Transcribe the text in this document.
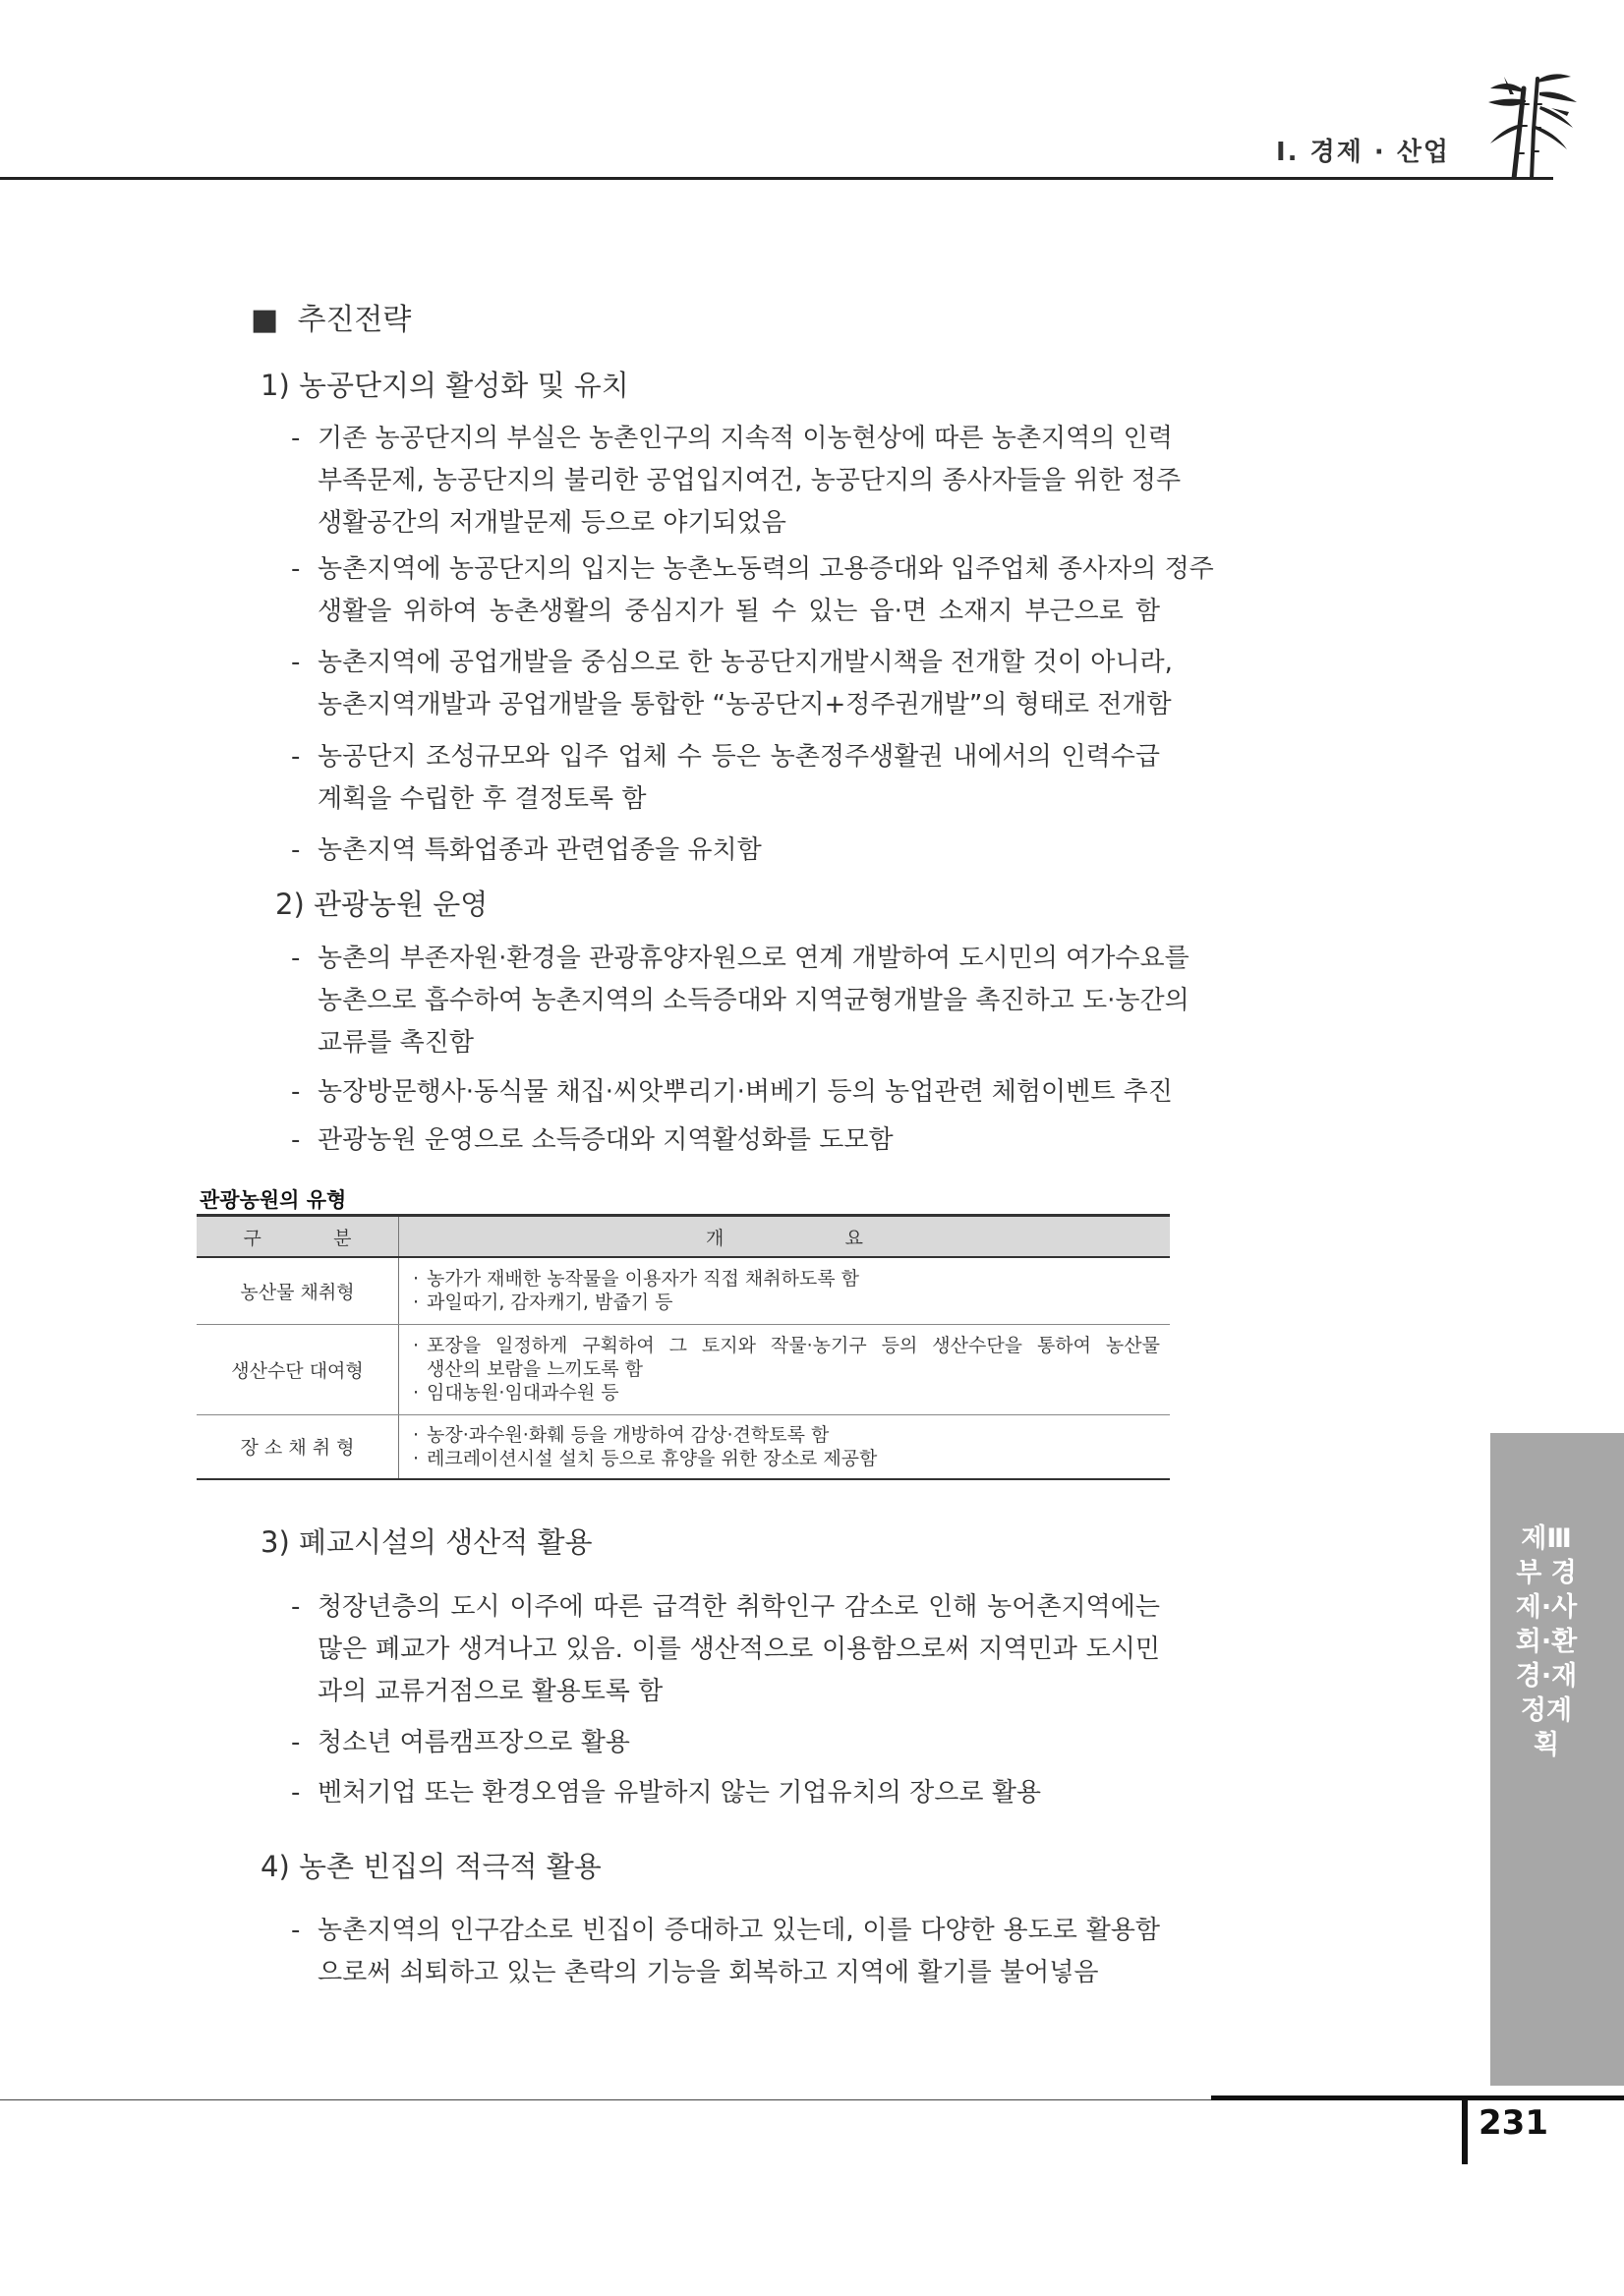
Ⅰ. 경제 · 산업
■ 추진전략
1) 농공단지의 활성화 및 유치
- 기존 농공단지의 부실은 농촌인구의 지속적 이농현상에 따른 농촌지역의 인력
부족문제, 농공단지의 불리한 공업입지여건, 농공단지의 종사자들을 위한 정주
생활공간의 저개발문제 등으로 야기되었음
- 농촌지역에 농공단지의 입지는 농촌노동력의 고용증대와 입주업체 종사자의 정주
생활을 위하여 농촌생활의 중심지가 될 수 있는 읍·면 소재지 부근으로 함
- 농촌지역에 공업개발을 중심으로 한 농공단지개발시책을 전개할 것이 아니라,
농촌지역개발과 공업개발을 통합한 “농공단지+정주권개발”의 형태로 전개함
- 농공단지 조성규모와 입주 업체 수 등은 농촌정주생활권 내에서의 인력수급
계획을 수립한 후 결정토록 함
- 농촌지역 특화업종과 관련업종을 유치함
2) 관광농원 운영
- 농촌의 부존자원·환경을 관광휴양자원으로 연계 개발하여 도시민의 여가수요를
농촌으로 흡수하여 농촌지역의 소득증대와 지역균형개발을 촉진하고 도·농간의
교류를 촉진함
- 농장방문행사·동식물 채집·씨앗뿌리기·벼베기 등의 농업관련 체험이벤트 추진
- 관광농원 운영으로 소득증대와 지역활성화를 도모함
관광농원의 유형
구 분	개 요

농산물 채취형	· 농가가 재배한 농작물을 이용자가 직접 채취하도록 함
· 과일따기, 감자캐기, 밤줍기 등

생산수단 대여형	· 포장을 일정하게 구획하여 그 토지와 작물·농기구 등의 생산수단을 통하여 농산물
생산의 보람을 느끼도록 함
· 임대농원·임대과수원 등

장 소 채 취 형	· 농장·과수원·화훼 등을 개방하여 감상·견학토록 함
· 레크레이션시설 설치 등으로 휴양을 위한 장소로 제공함
3) 폐교시설의 생산적 활용
- 청장년층의 도시 이주에 따른 급격한 취학인구 감소로 인해 농어촌지역에는
많은 폐교가 생겨나고 있음. 이를 생산적으로 이용함으로써 지역민과 도시민
과의 교류거점으로 활용토록 함
- 청소년 여름캠프장으로 활용
- 벤처기업 또는 환경오염을 유발하지 않는 기업유치의 장으로 활용
4) 농촌 빈집의 적극적 활용
- 농촌지역의 인구감소로 빈집이 증대하고 있는데, 이를 다양한 용도로 활용함
으로써 쇠퇴하고 있는 촌락의 기능을 회복하고 지역에 활기를 불어넣음
제Ⅲ부 경제·사회·환경·재정계획
231
